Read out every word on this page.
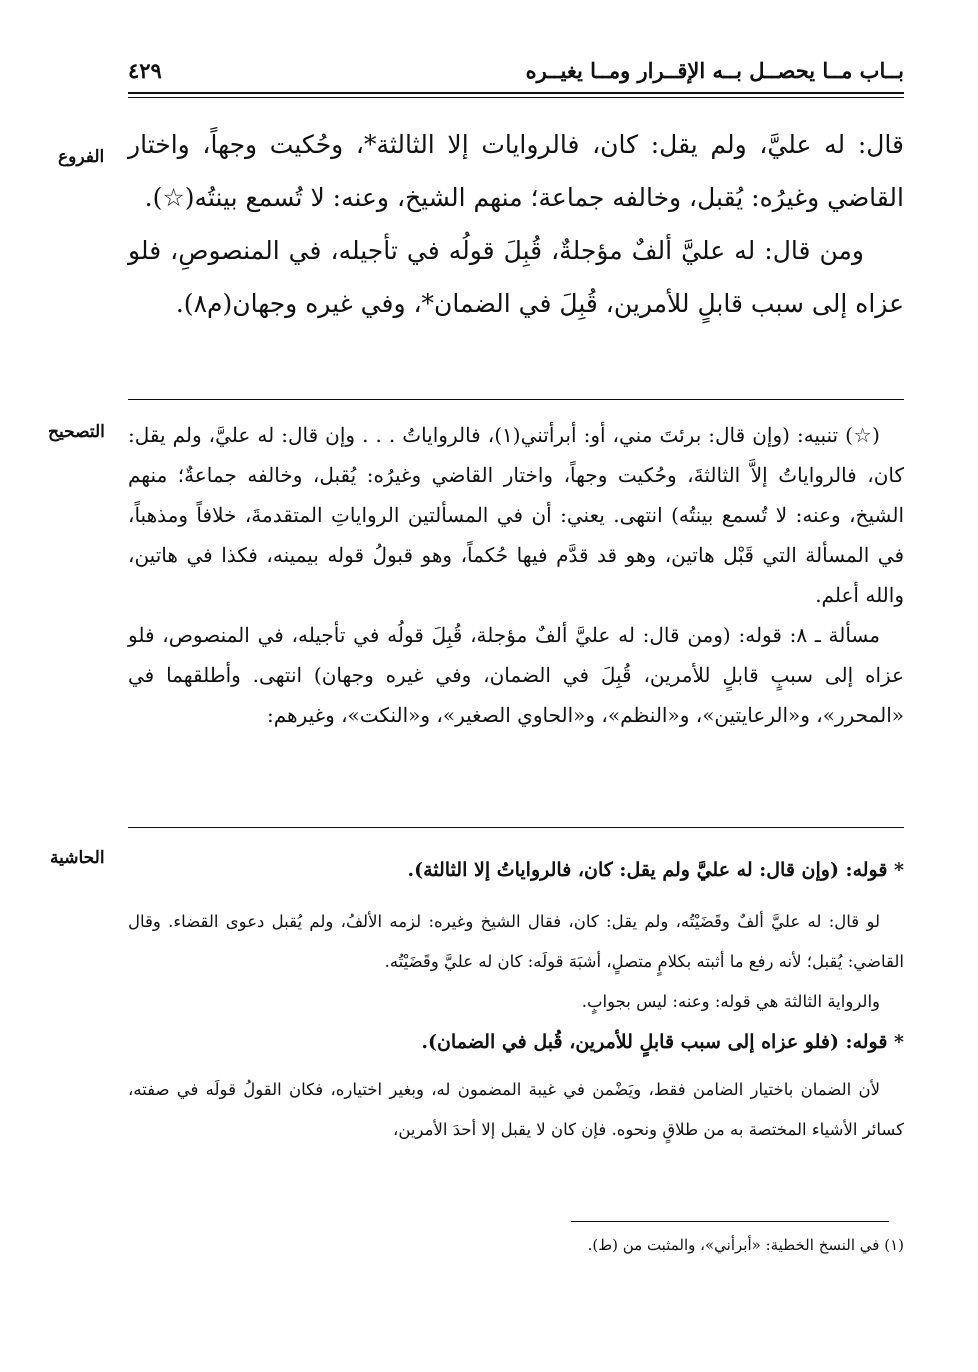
بــاب مــا يحصــل بــه الإقــرار ومــا يغيــره
٤٢٩
الفروع قال: له عليَّ، ولم يقل: كان، فالروايات إلا الثالثة*، وحُكيت وجهاً، واختار القاضي وغيرُه: يُقبل، وخالفه جماعة؛ منهم الشيخ، وعنه: لا تُسمع بينتُه(☆).

ومن قال: له عليَّ ألفٌ مؤجلةٌ، قُبِلَ قولُه في تأجيله، في المنصوصِ، فلو عزاه إلى سبب قابلٍ للأمرين، قُبِلَ في الضمان*، وفي غيره وجهان(م٨).

التصحيح (☆) تنبيه: (وإن قال: برئتَ مني، أو: أبرأتني(١)، فالرواياتُ . . . وإن قال: له عليَّ، ولم يقل: كان، فالرواياتُ إلاَّ الثالثةَ، وحُكيت وجهاً، واختار القاضي وغيرُه: يُقبل، وخالفه جماعةٌ؛ منهم الشيخ، وعنه: لا تُسمع بينتُه) انتهى. يعني: أن في المسألتين الرواياتِ المتقدمةَ، خلافاً ومذهباً، في المسألة التي قَبْل هاتين، وهو قد قدَّم فيها حُكماً، وهو قبولُ قوله بيمينه، فكذا في هاتين، والله أعلم.

مسألة ـ ٨: قوله: (ومن قال: له عليَّ ألفٌ مؤجلة، قُبِلَ قولُه في تأجيله، في المنصوص، فلو عزاه إلى سببٍ قابلٍ للأمرين، قُبِلَ في الضمان، وفي غيره وجهان) انتهى. وأطلقهما في «المحرر»، و«الرعايتين»، و«النظم»، و«الحاوي الصغير»، و«النكت»، وغيرهم:

الحاشية

* قوله: (وإن قال: له عليَّ ولم يقل: كان، فالرواياتُ إلا الثالثة).

لو قال: له عليَّ ألفٌ وقَضَيْتُه، ولم يقل: كان، فقال الشيخ وغيره: لزمه الألفُ، ولم يُقبل دعوى القضاء. وقال القاضي: يُقبل؛ لأنه رفع ما أثبته بكلامٍ متصلٍ، أشبَهَ قولَه: كان له عليَّ وقَضَيْتُه.

والرواية الثالثة هي قوله: وعنه: ليس بجوابٍ.

* قوله: (فلو عزاه إلى سبب قابلٍ للأمرين، قُبل في الضمان).

لأن الضمان باختيار الضامن فقط، ويَضْمن في غيبة المضمون له، وبغير اختياره، فكان القولُ قولَه في صفته، كسائر الأشياء المختصة به من طلاقٍ ونحوه. فإن كان لا يقبل إلا أحدَ الأمرين،

(١) في النسخ الخطية: «أبرأني»، والمثبت من (ط).
